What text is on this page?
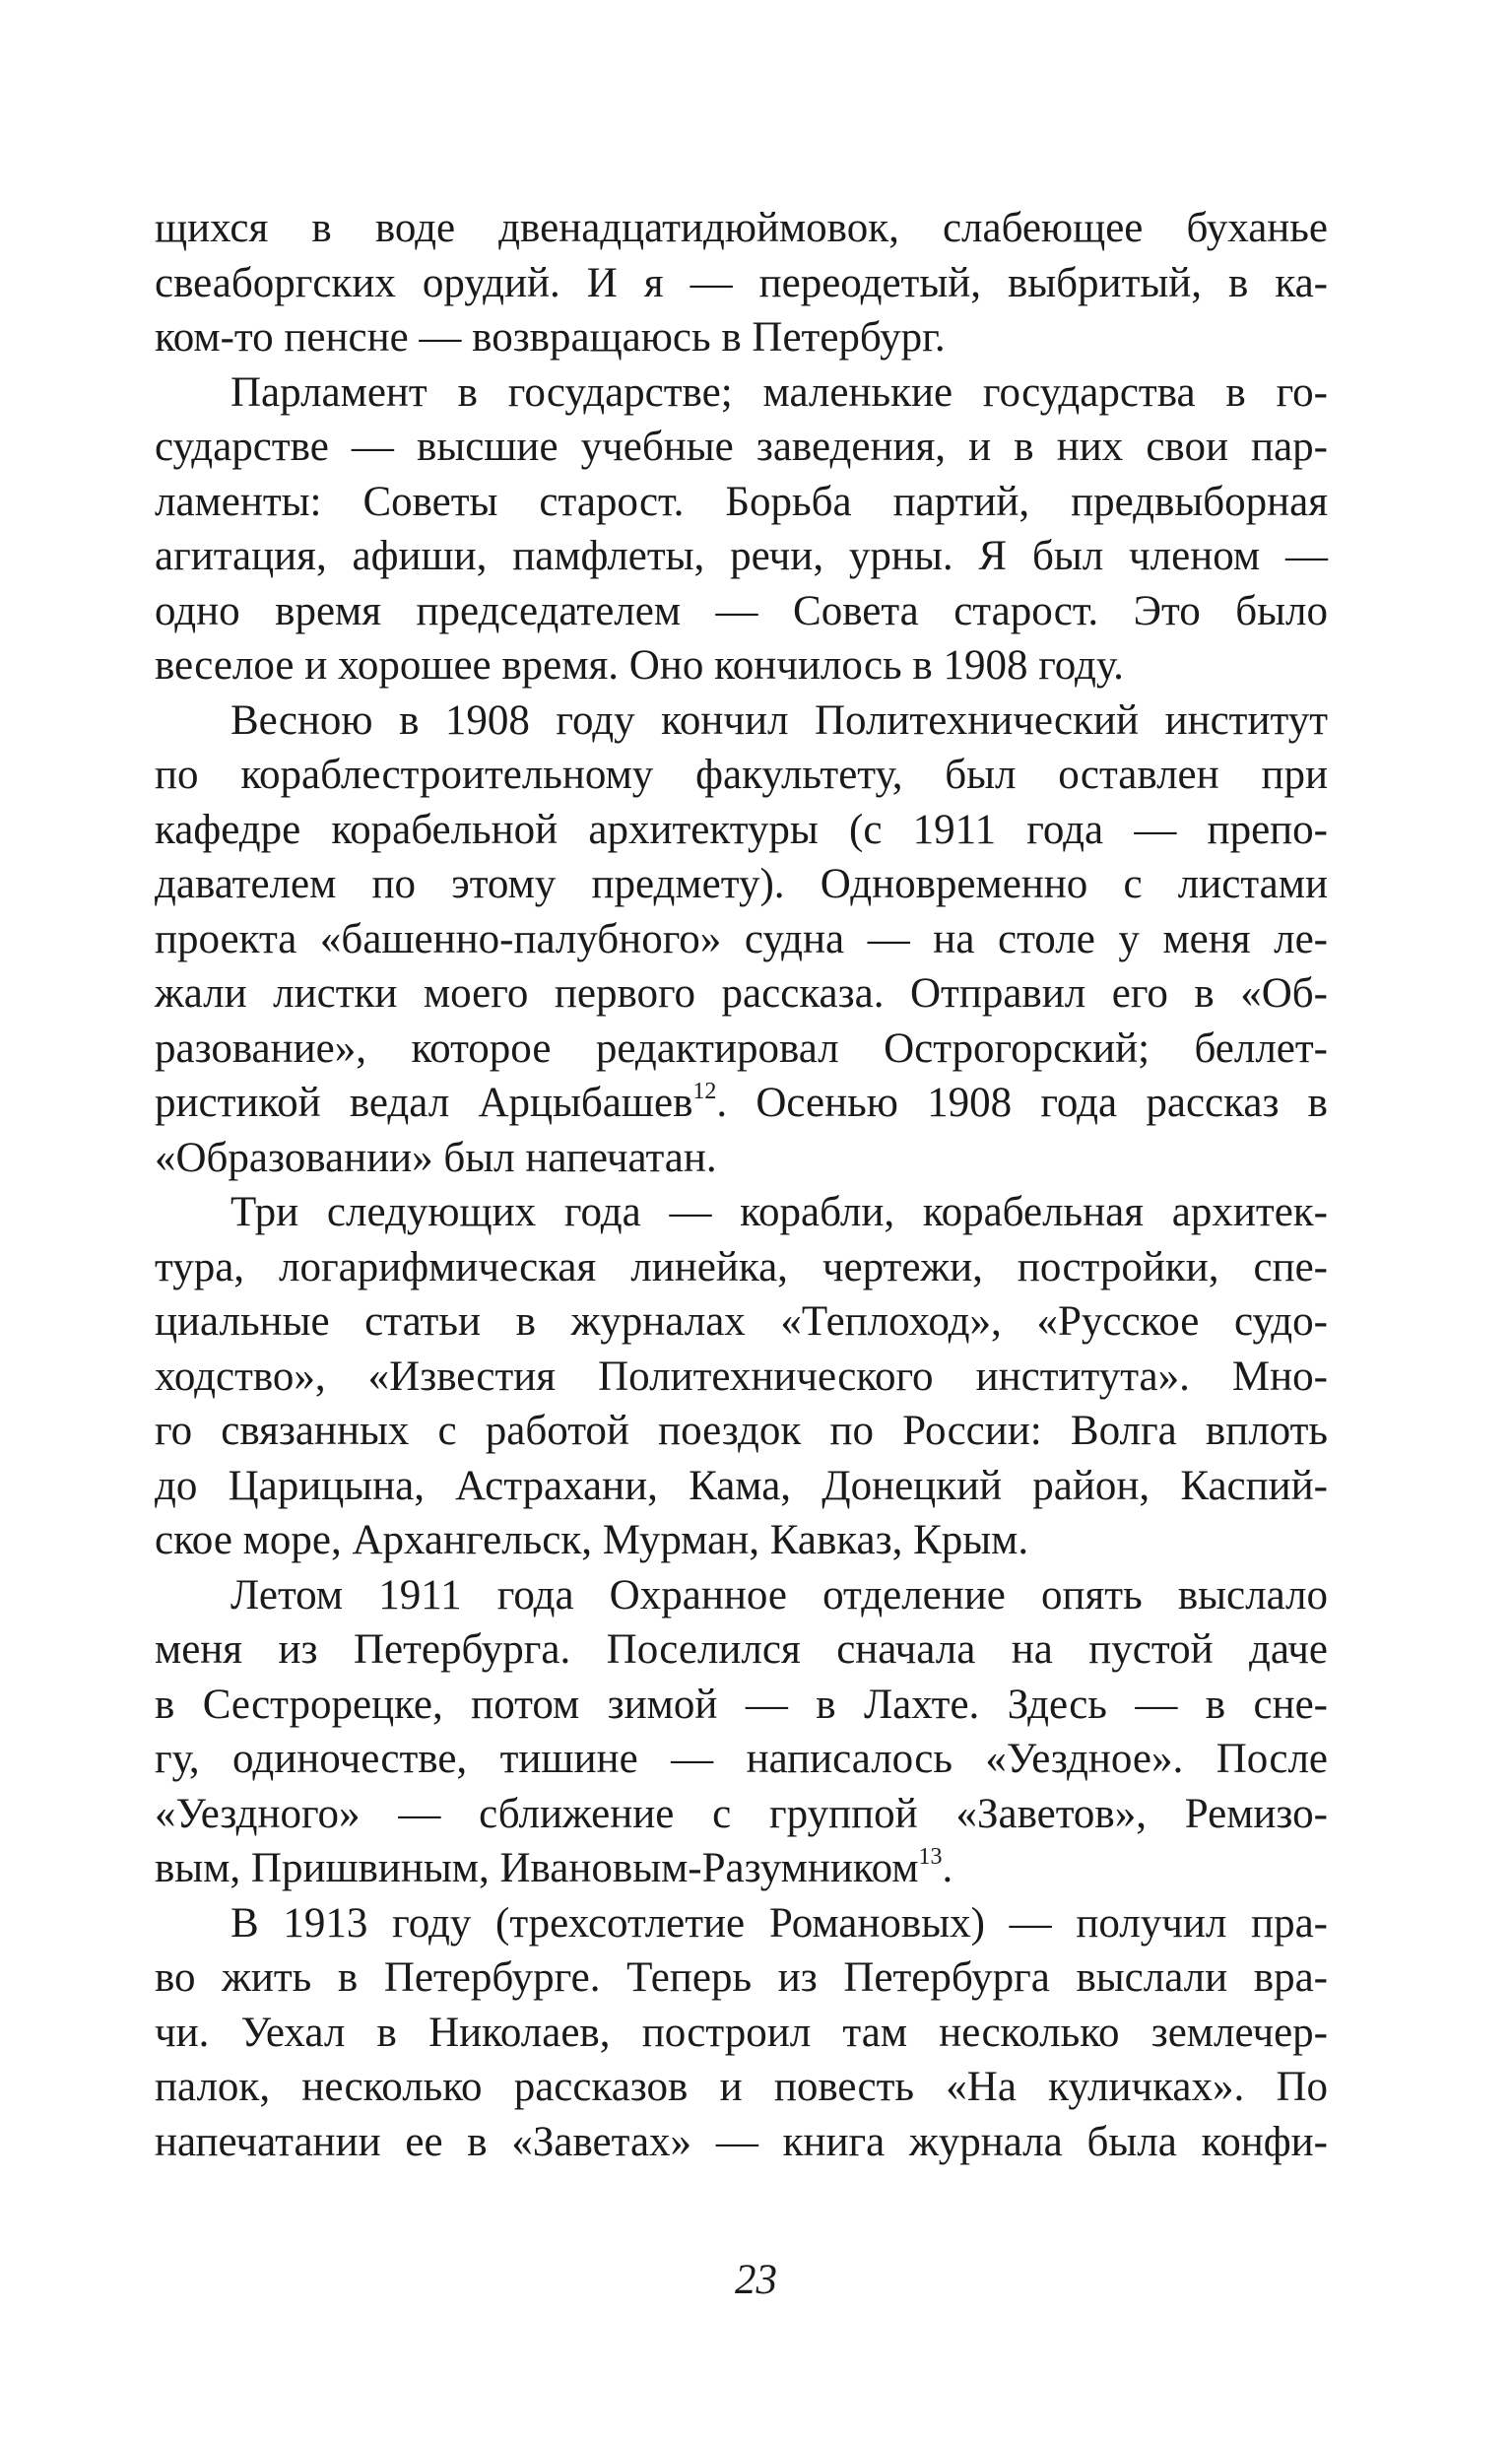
щихся в воде двенадцатидюймовок, слабеющее буханье
свеаборгских орудий. И я — переодетый, выбритый, в ка-
ком-то пенсне — возвращаюсь в Петербург.
Парламент в государстве; маленькие государства в го-
сударстве — высшие учебные заведения, и в них свои пар-
ламенты: Советы старост. Борьба партий, предвыборная
агитация, афиши, памфлеты, речи, урны. Я был членом —
одно время председателем — Совета старост. Это было
веселое и хорошее время. Оно кончилось в 1908 году.
Весною в 1908 году кончил Политехнический институт
по кораблестроительному факультету, был оставлен при
кафедре корабельной архитектуры (с 1911 года — препо-
давателем по этому предмету). Одновременно с листами
проекта «башенно-палубного» судна — на столе у меня ле-
жали листки моего первого рассказа. Отправил его в «Об-
разование», которое редактировал Острогорский; беллет-
ристикой ведал Арцыбашев$^{12}$. Осенью 1908 года рассказ в
«Образовании» был напечатан.
Три следующих года — корабли, корабельная архитек-
тура, логарифмическая линейка, чертежи, постройки, спе-
циальные статьи в журналах «Теплоход», «Русское судо-
ходство», «Известия Политехнического института». Мно-
го связанных с работой поездок по России: Волга вплоть
до Царицына, Астрахани, Кама, Донецкий район, Каспий-
ское море, Архангельск, Мурман, Кавказ, Крым.
Летом 1911 года Охранное отделение опять выслало
меня из Петербурга. Поселился сначала на пустой даче
в Сестрорецке, потом зимой — в Лахте. Здесь — в сне-
гу, одиночестве, тишине — написалось «Уездное». После
«Уездного» — сближение с группой «Заветов», Ремизо-
вым, Пришвиным, Ивановым-Разумником$^{13}$.
В 1913 году (трехсотлетие Романовых) — получил пра-
во жить в Петербурге. Теперь из Петербурга выслали вра-
чи. Уехал в Николаев, построил там несколько землечер-
палок, несколько рассказов и повесть «На куличках». По
напечатании ее в «Заветах» — книга журнала была конфи-
23
